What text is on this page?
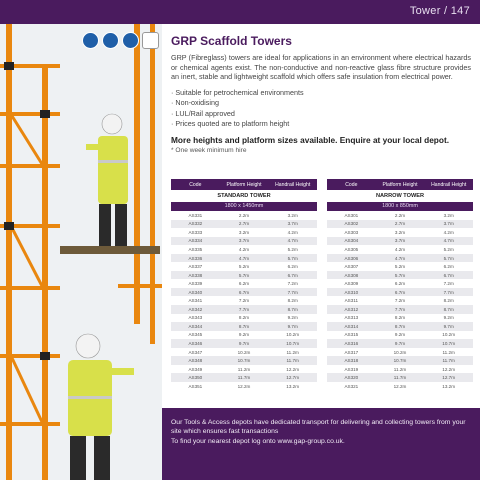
Tower / 147
GRP Scaffold Towers

GRP (Fibreglass) towers are ideal for applications in an environment where electrical hazards or chemical agents exist. The non-conductive and non-reactive glass fibre structure provides an inert, stable and lightweight scaffold which offers safe insulation from electrical power.

· Suitable for petrochemical environments
· Non-oxidising
· LUL/Rail approved
· Prices quoted are to platform height
More heights and platform sizes available. Enquire at your local depot.
* One week minimum hire
Code	Platform Height	Handrail Height
STANDARD TOWER
1800 x 1450mm
AS331	2.2m	3.2m
AS332	2.7m	3.7m
AS333	3.2m	4.2m
AS334	3.7m	4.7m
AS335	4.2m	5.2m
AS336	4.7m	5.7m
AS337	5.2m	6.2m
AS338	5.7m	6.7m
AS339	6.2m	7.2m
AS340	6.7m	7.7m
AS341	7.2m	8.2m
AS342	7.7m	8.7m
AS343	8.2m	9.2m
AS344	8.7m	9.7m
AS345	9.2m	10.2m
AS346	9.7m	10.7m
AS347	10.2m	11.2m
AS348	10.7m	11.7m
AS349	11.2m	12.2m
AS350	11.7m	12.7m
AS351	12.2m	13.2m
Code	Platform Height	Handrail Height
NARROW TOWER
1800 x 850mm
AS301	2.2m	3.2m
AS302	2.7m	3.7m
AS303	3.2m	4.2m
AS304	3.7m	4.7m
AS305	4.2m	5.2m
AS306	4.7m	5.7m
AS307	5.2m	6.2m
AS308	5.7m	6.7m
AS309	6.2m	7.2m
AS310	6.7m	7.7m
AS311	7.2m	8.2m
AS312	7.7m	8.7m
AS313	8.2m	9.2m
AS314	8.7m	9.7m
AS315	9.2m	10.2m
AS316	9.7m	10.7m
AS317	10.2m	11.2m
AS318	10.7m	11.7m
AS319	11.2m	12.2m
AS320	11.7m	12.7m
AS321	12.2m	13.2m

Our Tools & Access depots have dedicated transport for delivering and collecting towers from your site which ensures fast transactions

To find your nearest depot log onto www.gap-group.co.uk.
